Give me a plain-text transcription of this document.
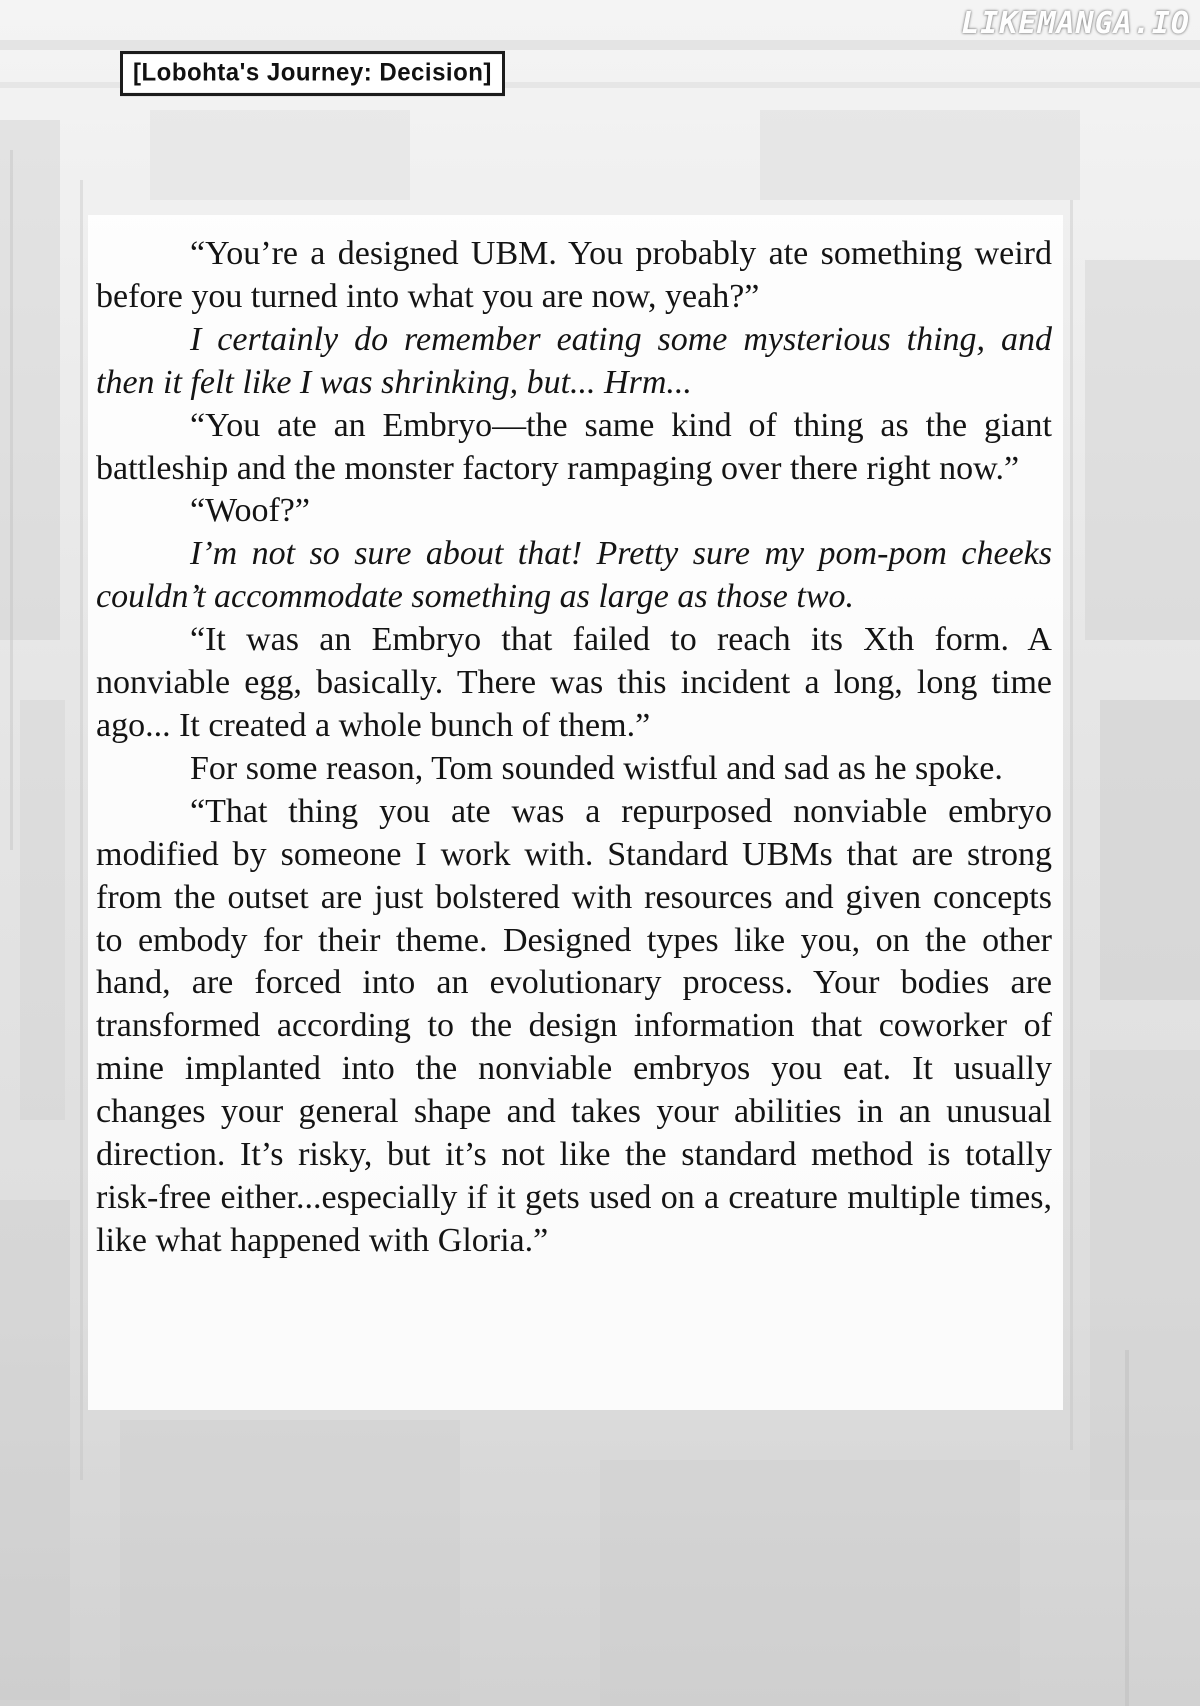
LIKEMANGA.IO
[Lobohta's Journey: Decision]

“You’re a designed UBM. You probably ate something weird before you turned into what you are now, yeah?”

I certainly do remember eating some mysterious thing, and then it felt like I was shrinking, but... Hrm...

“You ate an Embryo—the same kind of thing as the giant battleship and the monster factory rampaging over there right now.”

“Woof?”

I’m not so sure about that! Pretty sure my pom-pom cheeks couldn’t accommodate something as large as those two.

“It was an Embryo that failed to reach its Xth form. A nonviable egg, basically. There was this incident a long, long time ago... It created a whole bunch of them.”

For some reason, Tom sounded wistful and sad as he spoke.

“That thing you ate was a repurposed nonviable embryo modified by someone I work with. Standard UBMs that are strong from the outset are just bolstered with resources and given concepts to embody for their theme. Designed types like you, on the other hand, are forced into an evolutionary process. Your bodies are transformed according to the design information that coworker of mine implanted into the nonviable embryos you eat. It usually changes your general shape and takes your abilities in an unusual direction. It’s risky, but it’s not like the standard method is totally risk-free either...especially if it gets used on a creature multiple times, like what happened with Gloria.”
